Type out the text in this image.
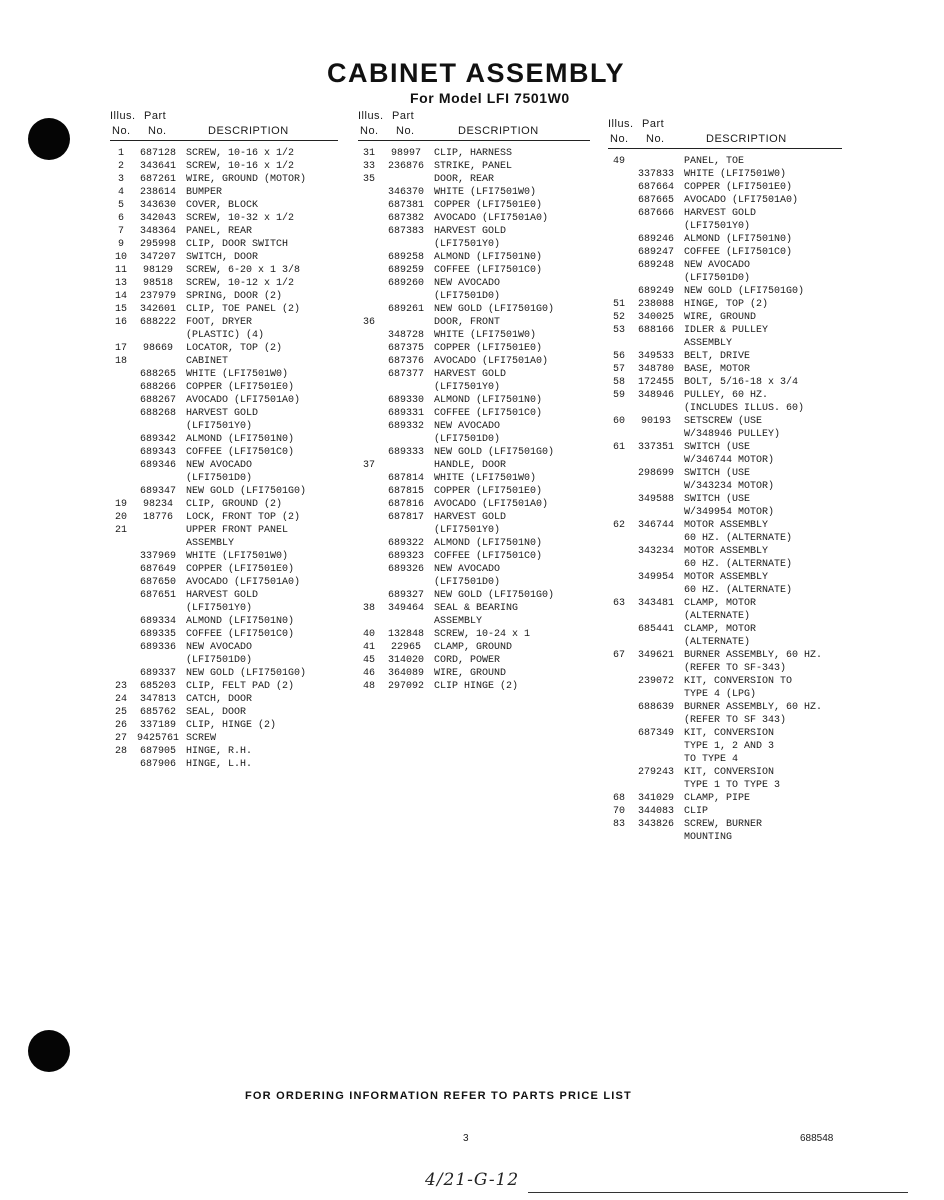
CABINET ASSEMBLY
For Model LFI 7501W0
Illus. Part
No. No.	DESCRIPTION
1	687128	SCREW, 10-16 x 1/2
2	343641	SCREW, 10-16 x 1/2
3	687261	WIRE, GROUND (MOTOR)
4	238614	BUMPER
5	343630	COVER, BLOCK
6	342043	SCREW, 10-32 x 1/2
7	348364	PANEL, REAR
9	295998	CLIP, DOOR SWITCH
10	347207	SWITCH, DOOR
11	98129	SCREW, 6-20 x 1 3/8
13	98518	SCREW, 10-12 x 1/2
14	237979	SPRING, DOOR (2)
15	342601	CLIP, TOE PANEL (2)
16	688222	FOOT, DRYER
(PLASTIC) (4)
17	98669	LOCATOR, TOP (2)
18	CABINET
688265	WHITE (LFI7501W0)
688266	COPPER (LFI7501E0)
688267	AVOCADO (LFI7501A0)
688268	HARVEST GOLD
(LFI7501Y0)
689342	ALMOND (LFI7501N0)
689343	COFFEE (LFI7501C0)
689346	NEW AVOCADO
(LFI7501D0)
689347	NEW GOLD (LFI7501G0)
19	98234	CLIP, GROUND (2)
20	18776	LOCK, FRONT TOP (2)
21	UPPER FRONT PANEL
ASSEMBLY
337969	WHITE (LFI7501W0)
687649	COPPER (LFI7501E0)
687650	AVOCADO (LFI7501A0)
687651	HARVEST GOLD
(LFI7501Y0)
689334	ALMOND (LFI7501N0)
689335	COFFEE (LFI7501C0)
689336	NEW AVOCADO
(LFI7501D0)
689337	NEW GOLD (LFI7501G0)
23	685203	CLIP, FELT PAD (2)
24	347813	CATCH, DOOR
25	685762	SEAL, DOOR
26	337189	CLIP, HINGE (2)
27 9425761 SCREW
28	687905	HINGE, R.H.
687906	HINGE, L.H.
Illus. Part
No. No.	DESCRIPTION
31	98997	CLIP, HARNESS
33	236876	STRIKE, PANEL
35	DOOR, REAR
346370	WHITE (LFI7501W0)
687381	COPPER (LFI7501E0)
687382	AVOCADO (LFI7501A0)
687383	HARVEST GOLD
(LFI7501Y0)
689258	ALMOND (LFI7501N0)
689259	COFFEE (LFI7501C0)
689260	NEW AVOCADO
(LFI7501D0)
689261	NEW GOLD (LFI7501G0)
36	DOOR, FRONT
348728	WHITE (LFI7501W0)
687375	COPPER (LFI7501E0)
687376	AVOCADO (LFI7501A0)
687377	HARVEST GOLD
(LFI7501Y0)
689330	ALMOND (LFI7501N0)
689331	COFFEE (LFI7501C0)
689332	NEW AVOCADO
(LFI7501D0)
689333	NEW GOLD (LFI7501G0)
37	HANDLE, DOOR
687814	WHITE (LFI7501W0)
687815	COPPER (LFI7501E0)
687816	AVOCADO (LFI7501A0)
687817	HARVEST GOLD
(LFI7501Y0)
689322	ALMOND (LFI7501N0)
689323	COFFEE (LFI7501C0)
689326	NEW AVOCADO
(LFI7501D0)
689327	NEW GOLD (LFI7501G0)
38	349464	SEAL & BEARING
ASSEMBLY
40	132848	SCREW, 10-24 x 1
41	22965	CLAMP, GROUND
45	314020	CORD, POWER
46	364089	WIRE, GROUND
48	297092	CLIP HINGE (2)
Illus. Part
No. No.	DESCRIPTION
49	PANEL, TOE
337833	WHITE (LFI7501W0)
687664	COPPER (LFI7501E0)
687665	AVOCADO (LFI7501A0)
687666	HARVEST GOLD
(LFI7501Y0)
689246	ALMOND (LFI7501N0)
689247	COFFEE (LFI7501C0)
689248	NEW AVOCADO
(LFI7501D0)
689249	NEW GOLD (LFI7501G0)
51	238088	HINGE, TOP (2)
52	340025	WIRE, GROUND
53	688166	IDLER & PULLEY
ASSEMBLY
56	349533	BELT, DRIVE
57	348780	BASE, MOTOR
58	172455	BOLT, 5/16-18 x 3/4
59	348946	PULLEY, 60 HZ.
(INCLUDES ILLUS. 60)
60	90193	SETSCREW (USE
W/348946 PULLEY)
61	337351	SWITCH (USE
W/346744 MOTOR)
298699	SWITCH (USE
W/343234 MOTOR)
349588	SWITCH (USE
W/349954 MOTOR)
62	346744	MOTOR ASSEMBLY
60 HZ. (ALTERNATE)
343234	MOTOR ASSEMBLY
60 HZ. (ALTERNATE)
349954	MOTOR ASSEMBLY
60 HZ. (ALTERNATE)
63	343481	CLAMP, MOTOR
(ALTERNATE)
685441	CLAMP, MOTOR
(ALTERNATE)
67	349621	BURNER ASSEMBLY, 60 HZ.
(REFER TO SF-343)
239072	KIT, CONVERSION TO
TYPE 4 (LPG)
688639	BURNER ASSEMBLY, 60 HZ.
(REFER TO SF 343)
687349	KIT, CONVERSION
TYPE 1, 2 AND 3
TO TYPE 4
279243	KIT, CONVERSION
TYPE 1 TO TYPE 3
68	341029	CLAMP, PIPE
70	344083	CLIP
83	343826	SCREW, BURNER
MOUNTING
FOR ORDERING INFORMATION REFER TO PARTS PRICE LIST
3	688548
4/21-G-12
